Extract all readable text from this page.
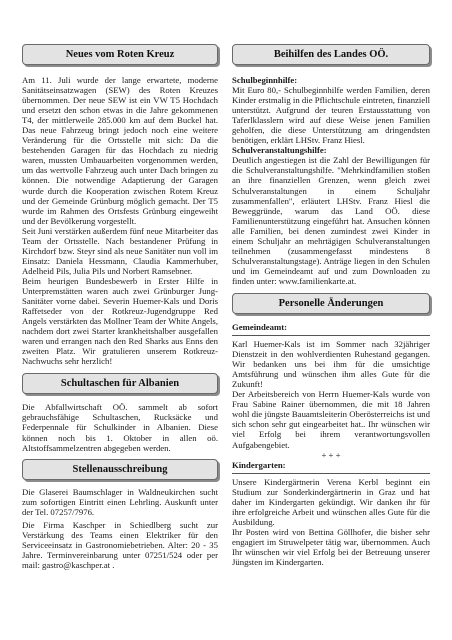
Neues vom Roten Kreuz

Am 11. Juli wurde der lange erwartete, moderne Sanitätseinsatzwagen (SEW) des Roten Kreuzes übernommen. Der neue SEW ist ein VW T5 Hochdach und ersetzt den schon etwas in die Jahre gekommenen T4, der mittlerweile 285.000 km auf dem Buckel hat. Das neue Fahrzeug bringt jedoch noch eine weitere Veränderung für die Ortsstelle mit sich: Da die bestehenden Garagen für das Hochdach zu niedrig waren, mussten Umbauarbeiten vorgenommen werden, um das wertvolle Fahrzeug auch unter Dach bringen zu können. Die notwendige Adaptierung der Garagen wurde durch die Kooperation zwischen Rotem Kreuz und der Gemeinde Grünburg möglich gemacht. Der T5 wurde im Rahmen des Ortsfests Grünburg eingeweiht und der Bevölkerung vorgestellt.

Seit Juni verstärken außerdem fünf neue Mitarbeiter das Team der Ortsstelle. Nach bestandener Prüfung in Kirchdorf bzw. Steyr sind als neue Sanitäter nun voll im Einsatz: Daniela Hessmann, Claudia Kammerhuber, Adelheid Pils, Julia Pils und Norbert Ramsebner.

Beim heurigen Bundesbewerb in Erster Hilfe in Unterpremstätten waren auch zwei Grünburger Jung-Sanitäter vorne dabei. Severin Huemer-Kals und Doris Raffetseder von der Rotkreuz-Jugendgruppe Red Angels verstärkten das Mollner Team der White Angels, nachdem dort zwei Starter krankheitshalber ausgefallen waren und errangen nach den Red Sharks aus Enns den zweiten Platz. Wir gratulieren unserem Rotkreuz-Nachwuchs sehr herzlich!

Schultaschen für Albanien

Die Abfallwirtschaft OÖ. sammelt ab sofort gebrauchsfähige Schultaschen, Rucksäcke und Federpennale für Schulkinder in Albanien. Diese können noch bis 1. Oktober in allen oö. Altstoffsammelzentren abgegeben werden.

Stellenausschreibung

Die Glaserei Baumschlager in Waldneukirchen sucht zum sofortigen Eintritt einen Lehrling. Auskunft unter der Tel. 07257/7976.

Die Firma Kaschper in Schiedlberg sucht zur Verstärkung des Teams einen Elektriker für den Serviceeinsatz in Gastronomiebetrieben. Alter: 20 - 35 Jahre. Terminvereinbarung unter 07251/524 oder per mail: gastro@kaschper.at .

Beihilfen des Landes OÖ.

Schulbeginnhilfe:

Mit Euro 80,- Schulbeginnhilfe werden Familien, deren Kinder erstmalig in die Pflichtschule eintreten, finanziell unterstützt. Aufgrund der teuren Erstausstattung von Taferlklasslern wird auf diese Weise jenen Familien geholfen, die diese Unterstützung am dringendsten benötigen, erklärt LHStv. Franz Hiesl.

Schulveranstaltungshilfe:

Deutlich angestiegen ist die Zahl der Bewilligungen für die Schulveranstaltungshilfe. "Mehrkindfamilien stoßen an ihre finanziellen Grenzen, wenn gleich zwei Schulveranstaltungen in einem Schuljahr zusammenfallen", erläutert LHStv. Franz Hiesl die Beweggründe, warum das Land OÖ. diese Familienunterstützung eingeführt hat. Ansuchen können alle Familien, bei denen zumindest zwei Kinder in einem Schuljahr an mehrtägigen Schulveranstaltungen teilnehmen (zusammengefasst mindestens 8 Schulveranstaltungstage). Anträge liegen in den Schulen und im Gemeindeamt auf und zum Downloaden zu finden unter: www.familienkarte.at.

Personelle Änderungen

Gemeindeamt:

Karl Huemer-Kals ist im Sommer nach 32jähriger Dienstzeit in den wohlverdienten Ruhestand gegangen. Wir bedanken uns bei ihm für die umsichtige Amtsführung und wünschen ihm alles Gute für die Zukunft!

Der Arbeitsbereich von Herrn Huemer-Kals wurde von Frau Sabine Rainer übernommen, die mit 18 Jahren wohl die jüngste Bauamtsleiterin Oberösterreichs ist und sich schon sehr gut eingearbeitet hat.. Ihr wünschen wir viel Erfolg bei ihrem verantwortungsvollen Aufgabengebiet.

+ + +

Kindergarten:

Unsere Kindergärtnerin Verena Kerbl beginnt ein Studium zur Sonderkindergärtnerin in Graz und hat daher im Kindergarten gekündigt. Wir danken ihr für ihre erfolgreiche Arbeit und wünschen alles Gute für die Ausbildung.

Ihr Posten wird von Bettina Göllhofer, die bisher sehr engagiert im Struwelpeter tätig war, übernommen. Auch Ihr wünschen wir viel Erfolg bei der Betreuung unserer Jüngsten im Kindergarten.
